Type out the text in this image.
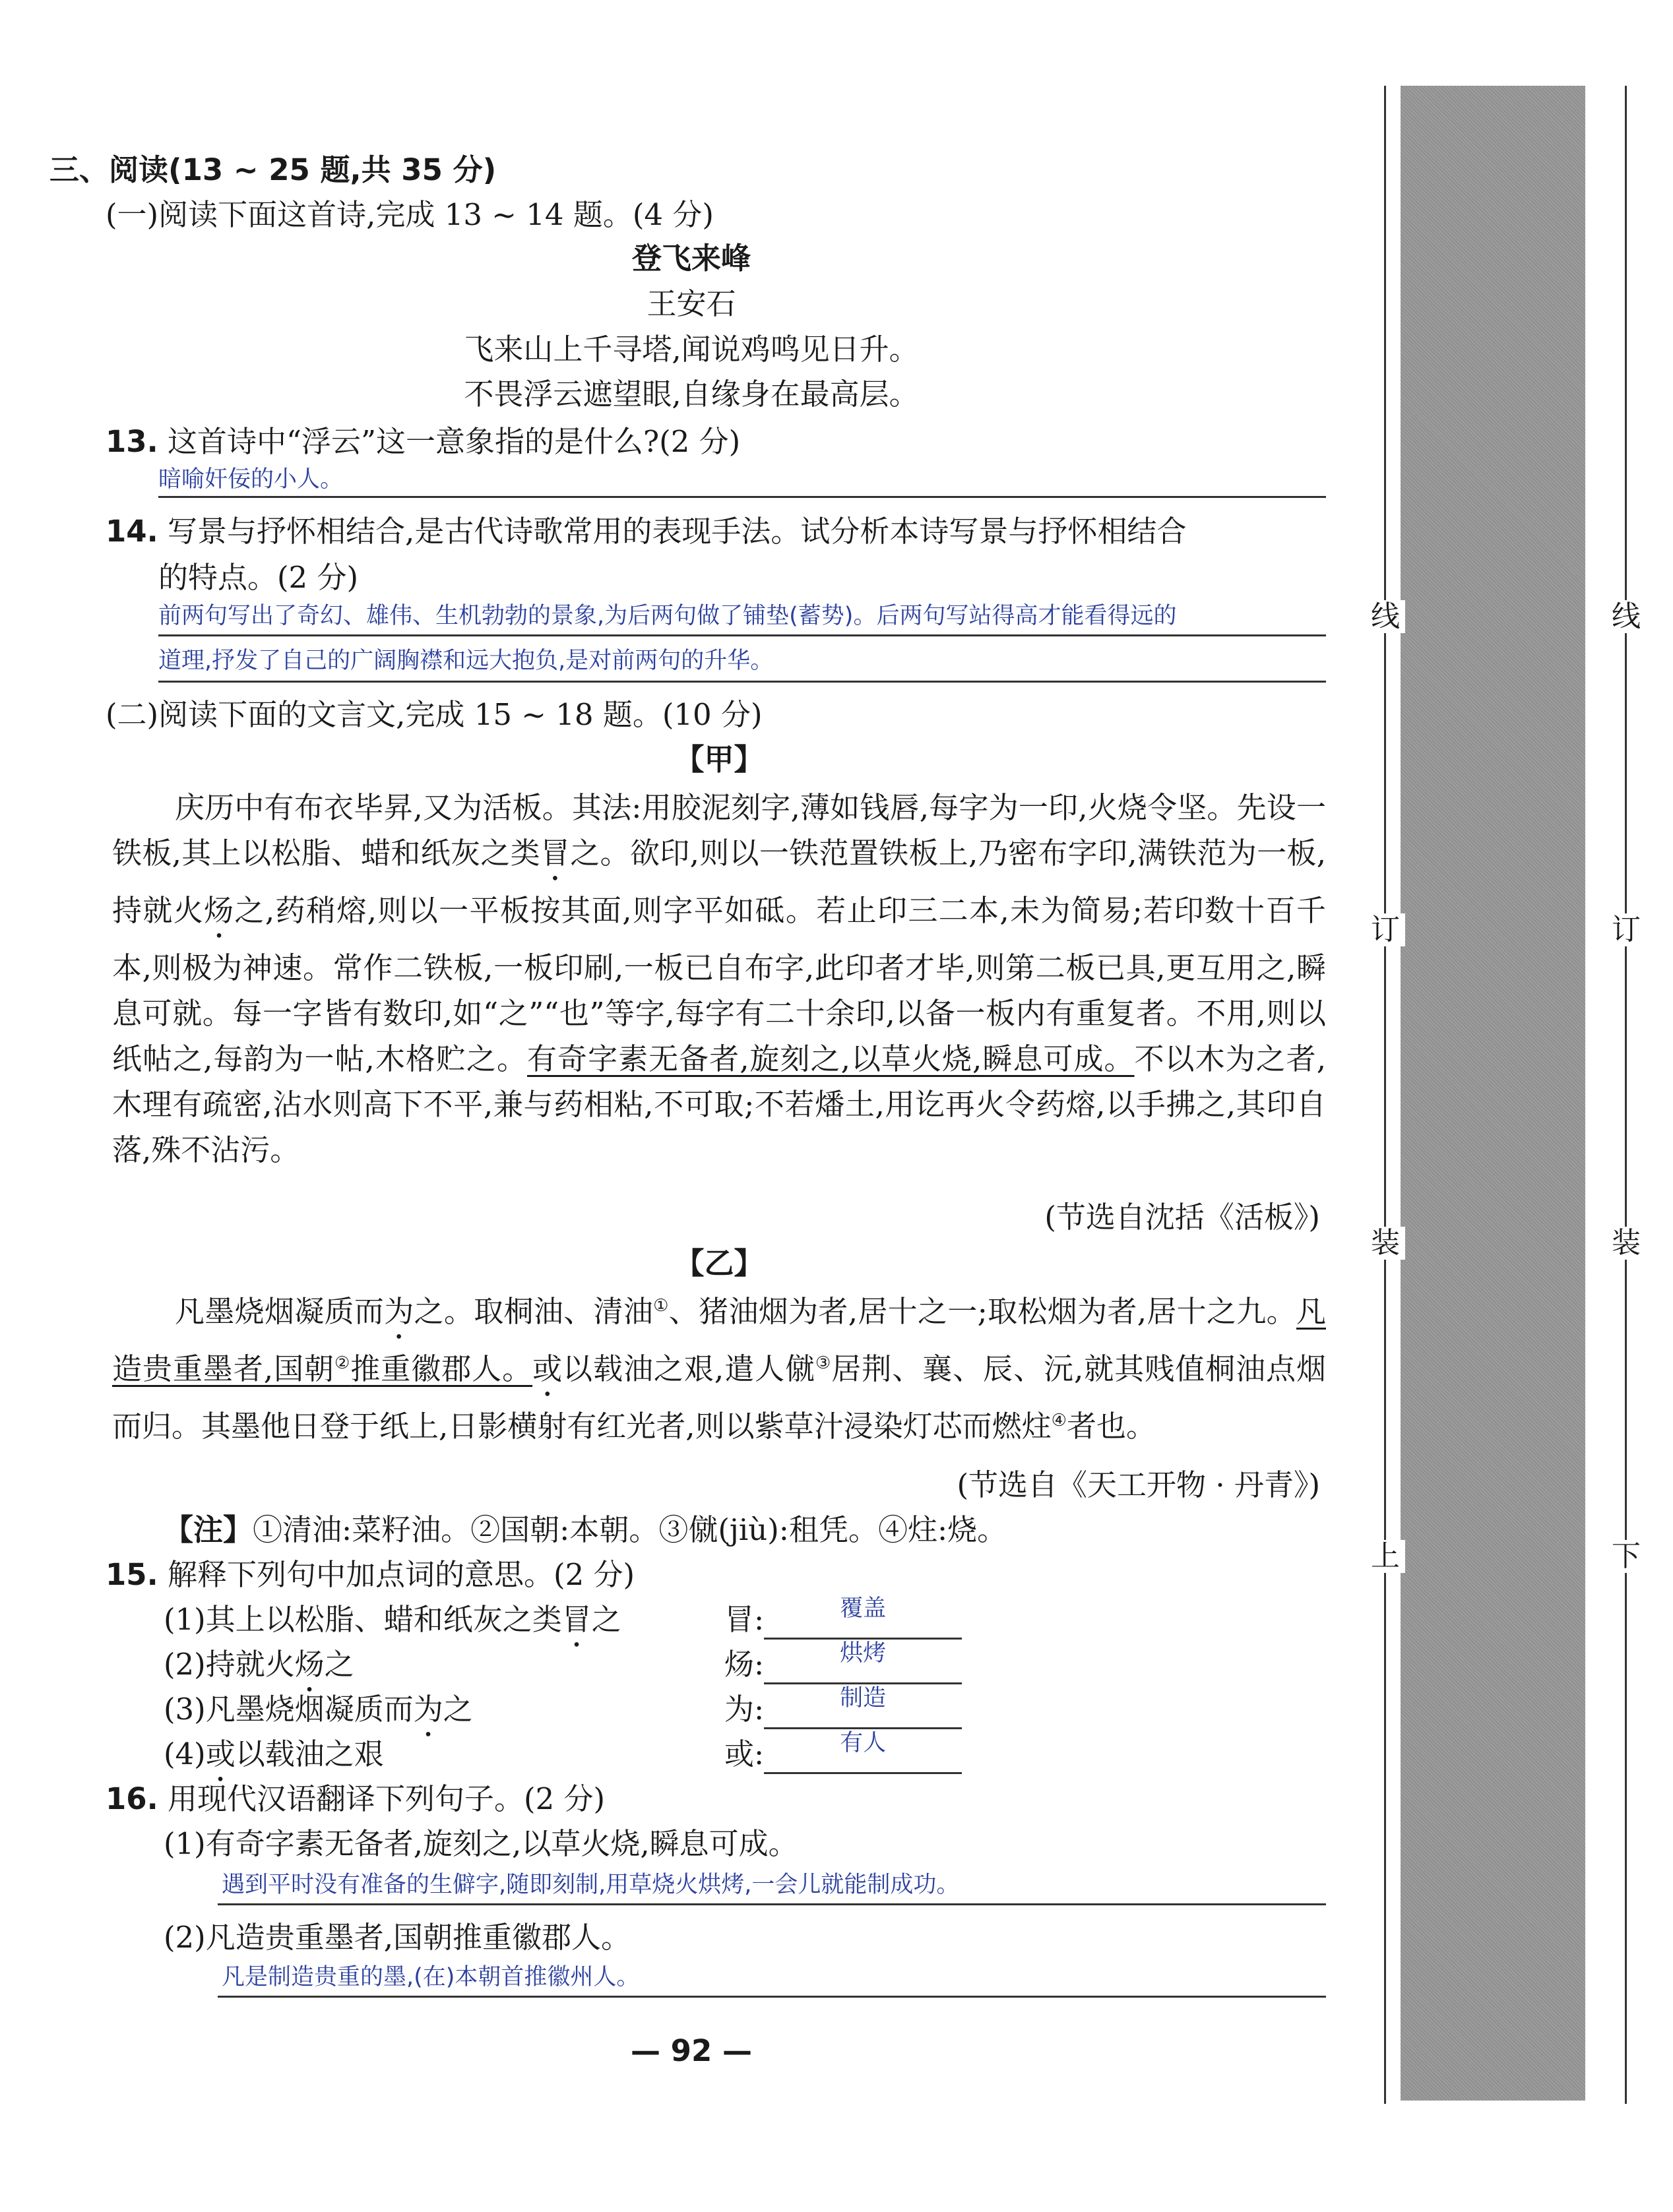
三、阅读(13 ~ 25 题,共 35 分)
(一)阅读下面这首诗,完成 13 ~ 14 题。(4 分)
登飞来峰
王安石
飞来山上千寻塔,闻说鸡鸣见日升。
不畏浮云遮望眼,自缘身在最高层。
13. 这首诗中“浮云”这一意象指的是什么?(2 分)
暗喻奸佞的小人。
14. 写景与抒怀相结合,是古代诗歌常用的表现手法。试分析本诗写景与抒怀相结合
的特点。(2 分)
前两句写出了奇幻、雄伟、生机勃勃的景象,为后两句做了铺垫(蓄势)。后两句写站得高才能看得远的
道理,抒发了自己的广阔胸襟和远大抱负,是对前两句的升华。
(二)阅读下面的文言文,完成 15 ~ 18 题。(10 分)
【甲】
庆历中有布衣毕昇,又为活板。其法:用胶泥刻字,薄如钱唇,每字为一印,火烧令坚。先设一铁板,其上以松脂、蜡和纸灰之类冒之。欲印,则以一铁范置铁板上,乃密布字印,满铁范为一板,持就火炀之,药稍熔,则以一平板按其面,则字平如砥。若止印三二本,未为简易;若印数十百千本,则极为神速。常作二铁板,一板印刷,一板已自布字,此印者才毕,则第二板已具,更互用之,瞬息可就。每一字皆有数印,如“之”“也”等字,每字有二十余印,以备一板内有重复者。不用,则以纸帖之,每韵为一帖,木格贮之。有奇字素无备者,旋刻之,以草火烧,瞬息可成。不以木为之者,木理有疏密,沾水则高下不平,兼与药相粘,不可取;不若燔土,用讫再火令药熔,以手拂之,其印自落,殊不沾污。
(节选自沈括《活板》)
【乙】
凡墨烧烟凝质而为之。取桐油、清油①、猪油烟为者,居十之一;取松烟为者,居十之九。凡造贵重墨者,国朝②推重徽郡人。或以载油之艰,遣人僦③居荆、襄、辰、沅,就其贱值桐油点烟而归。其墨他日登于纸上,日影横射有红光者,则以紫草汁浸染灯芯而燃炷④者也。
(节选自《天工开物 · 丹青》)
【注】①清油:菜籽油。②国朝:本朝。③僦(jiù):租凭。④炷:烧。
15. 解释下列句中加点词的意思。(2 分)
(1)其上以松脂、蜡和纸灰之类冒之	冒:	覆盖
(2)持就火炀之	炀:	烘烤
(3)凡墨烧烟凝质而为之	为:	制造
(4)或以载油之艰	或:	有人
16. 用现代汉语翻译下列句子。(2 分)
(1)有奇字素无备者,旋刻之,以草火烧,瞬息可成。
遇到平时没有准备的生僻字,随即刻制,用草烧火烘烤,一会儿就能制成功。
(2)凡造贵重墨者,国朝推重徽郡人。
凡是制造贵重的墨,(在)本朝首推徽州人。
— 92 —
线
订
装
上
线
订
装
下
